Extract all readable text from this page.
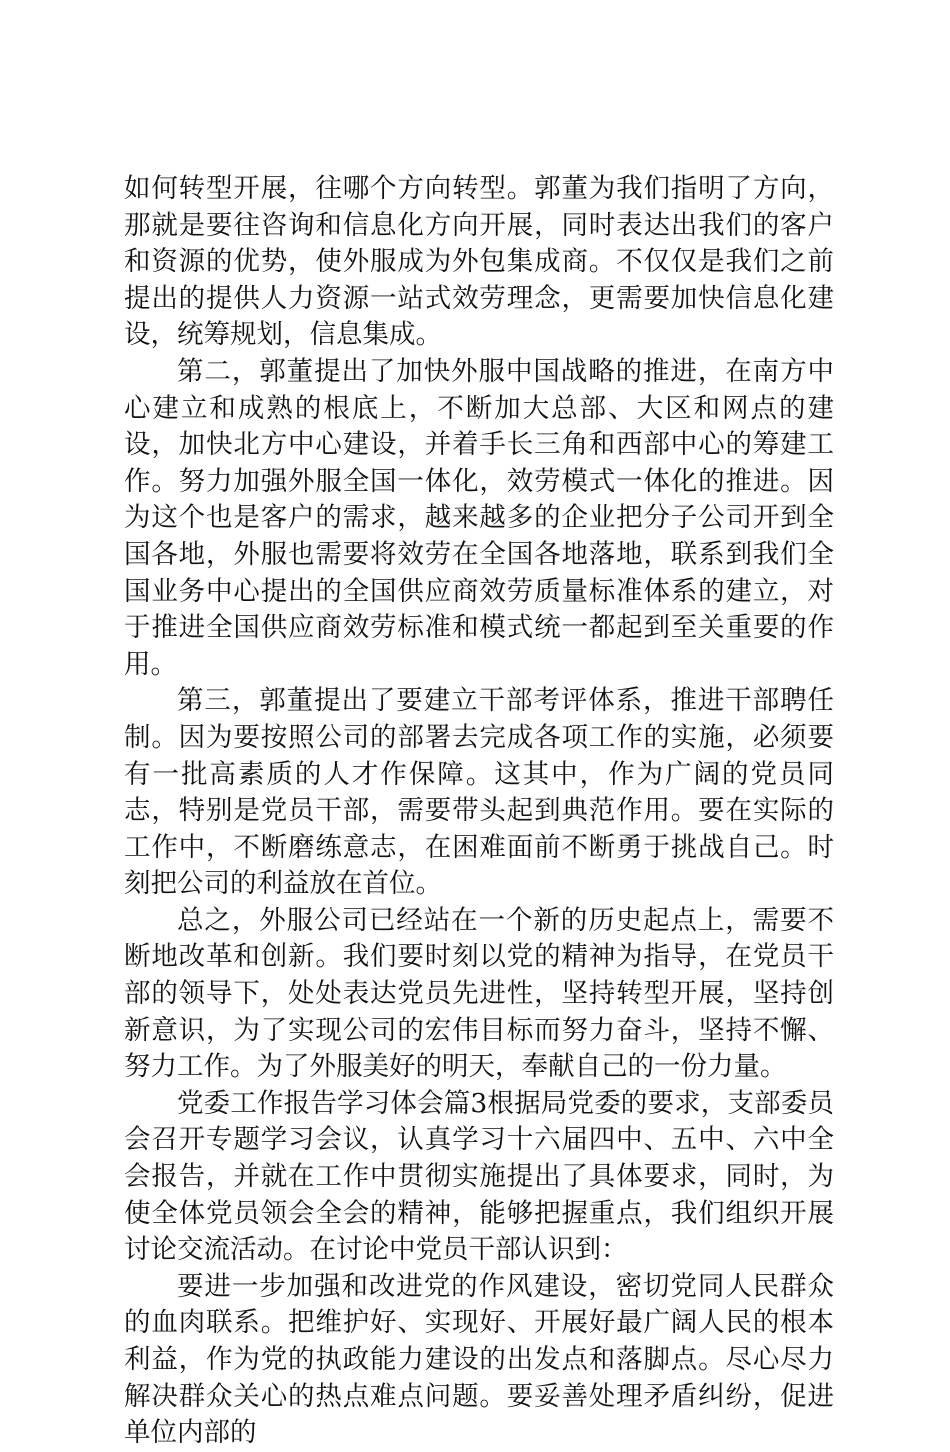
如何转型开展，往哪个方向转型。郭董为我们指明了方向，那就是要往咨询和信息化方向开展，同时表达出我们的客户和资源的优势，使外服成为外包集成商。不仅仅是我们之前提出的提供人力资源一站式效劳理念，更需要加快信息化建设，统筹规划，信息集成。

第二，郭董提出了加快外服中国战略的推进，在南方中心建立和成熟的根底上，不断加大总部、大区和网点的建设，加快北方中心建设，并着手长三角和西部中心的筹建工作。努力加强外服全国一体化，效劳模式一体化的推进。因为这个也是客户的需求，越来越多的企业把分子公司开到全国各地，外服也需要将效劳在全国各地落地，联系到我们全国业务中心提出的全国供应商效劳质量标准体系的建立，对于推进全国供应商效劳标准和模式统一都起到至关重要的作用。

第三，郭董提出了要建立干部考评体系，推进干部聘任制。因为要按照公司的部署去完成各项工作的实施，必须要有一批高素质的人才作保障。这其中，作为广阔的党员同志，特别是党员干部，需要带头起到典范作用。要在实际的工作中，不断磨练意志，在困难面前不断勇于挑战自己。时刻把公司的利益放在首位。

总之，外服公司已经站在一个新的历史起点上，需要不断地改革和创新。我们要时刻以党的精神为指导，在党员干部的领导下，处处表达党员先进性，坚持转型开展，坚持创新意识，为了实现公司的宏伟目标而努力奋斗，坚持不懈、努力工作。为了外服美好的明天，奉献自己的一份力量。

党委工作报告学习体会篇3根据局党委的要求，支部委员会召开专题学习会议，认真学习十六届四中、五中、六中全会报告，并就在工作中贯彻实施提出了具体要求，同时，为使全体党员领会全会的精神，能够把握重点，我们组织开展讨论交流活动。在讨论中党员干部认识到：

要进一步加强和改进党的作风建设，密切党同人民群众的血肉联系。把维护好、实现好、开展好最广阔人民的根本利益，作为党的执政能力建设的出发点和落脚点。尽心尽力解决群众关心的热点难点问题。要妥善处理矛盾纠纷，促进单位内部的
